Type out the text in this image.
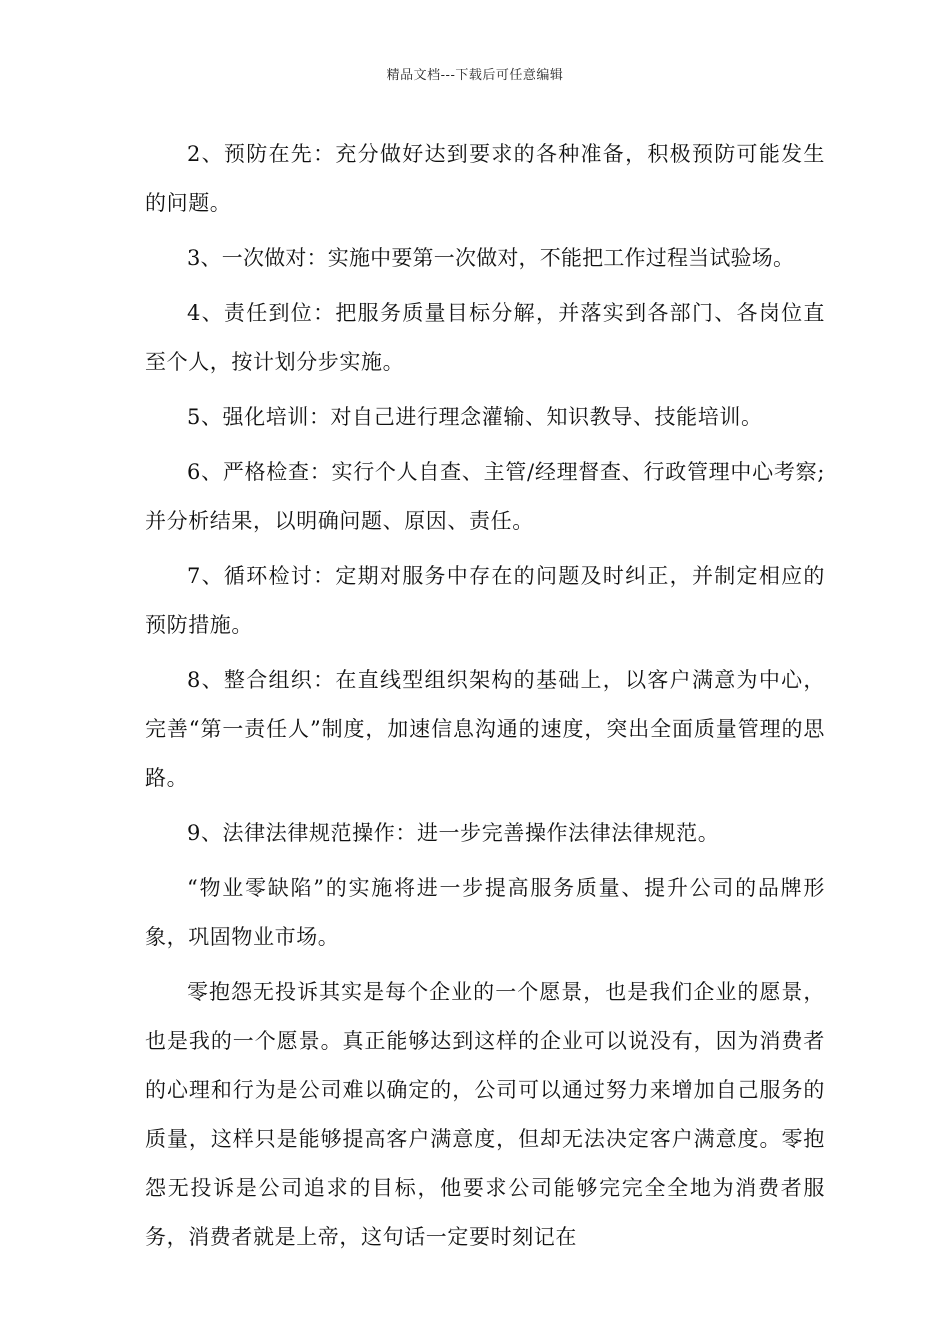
精品文档---下载后可任意编辑

2、预防在先：充分做好达到要求的各种准备，积极预防可能发生的问题。

3、一次做对：实施中要第一次做对，不能把工作过程当试验场。

4、责任到位：把服务质量目标分解，并落实到各部门、各岗位直至个人，按计划分步实施。

5、强化培训：对自己进行理念灌输、知识教导、技能培训。

6、严格检查：实行个人自查、主管/经理督查、行政管理中心考察;并分析结果，以明确问题、原因、责任。

7、循环检讨：定期对服务中存在的问题及时纠正，并制定相应的预防措施。

8、整合组织：在直线型组织架构的基础上，以客户满意为中心，完善“第一责任人”制度，加速信息沟通的速度，突出全面质量管理的思路。

9、法律法律规范操作：进一步完善操作法律法律规范。

“物业零缺陷”的实施将进一步提高服务质量、提升公司的品牌形象，巩固物业市场。

零抱怨无投诉其实是每个企业的一个愿景，也是我们企业的愿景，也是我的一个愿景。真正能够达到这样的企业可以说没有，因为消费者的心理和行为是公司难以确定的，公司可以通过努力来增加自己服务的质量，这样只是能够提高客户满意度，但却无法决定客户满意度。零抱怨无投诉是公司追求的目标，他要求公司能够完完全全地为消费者服务，消费者就是上帝，这句话一定要时刻记在
